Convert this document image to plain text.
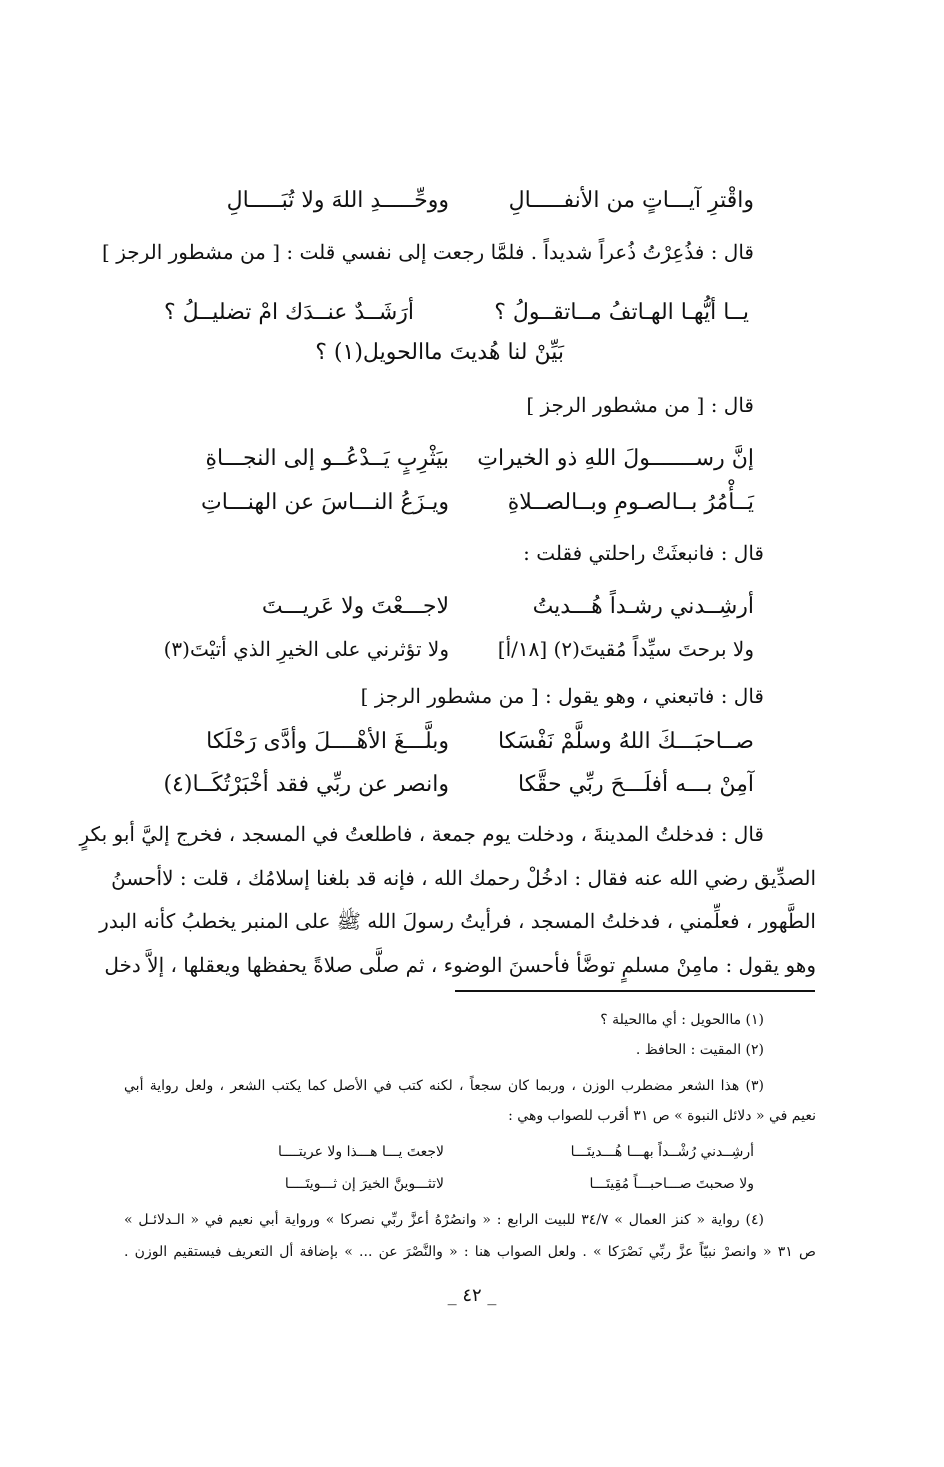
واقْترِ آيـــاتٍ من الأنفـــــالِ
ووحِّـــــدِ اللهَ ولا تُبَـــــالِ
قال : فذُعِرْتُ ذُعراً شديداً . فلمَّا رجعت إلى نفسي قلت : [ من مشطور الرجز ]
يــا أيُّهـا الهـاتفُ مــاتقــولُ ؟
أرَشَــدٌ عنــدَك امْ تضليــلُ ؟
بَيِّنْ لنا هُديتَ ماالحويل(١) ؟
قال : [ من مشطور الرجز ]
إنَّ رســـــــولَ اللهِ ذو الخيراتِ
بيَثْرِبٍ يَــدْعُــو إلى النجـــاةِ
يَــأْمُرُ بــالصـومِ وبــالصــلاةِ
ويـزَعُ النـــاسَ عن الهنـــاتِ
قال : فانبعثَتْ راحلتي فقلت :
أرشِــدني رشـداً هُـــديتُ
لاجـــعْتَ ولا عَريـــتَ
ولا برحتَ سيِّداً مُقيتَ(٢) [١٨/أ]
ولا تؤثرني على الخيرِ الذي أتيْتَ(٣)
قال : فاتبعني ، وهو يقول : [ من مشطور الرجز ]
صــاحبَـــكَ اللهُ وسلَّمْ نَفْسَكا
وبلَّـــغَ الأهْــــلَ وأدَّى رَحْلَكا
آمِنْ بـــه أفلَـــحَ ربِّي حقَّكا
وانصر عن ربِّي فقد أخْبَرْتُكَــا(٤)
قال : فدخلتُ المدينةَ ، ودخلت يوم جمعة ، فاطلعتُ في المسجد ، فخرج إليَّ أبو بكرٍ
الصدِّيق رضي الله عنه فقال : ادخُلْ رحمك الله ، فإنه قد بلغنا إسلامُك ، قلت : لاأحسنُ
الطَّهور ، فعلِّمني ، فدخلتُ المسجد ، فرأيتُ رسولَ الله ﷺ على المنبر يخطبُ كأنه البدر
وهو يقول : مامِنْ مسلمٍ توضَّأ فأحسنَ الوضوء ، ثم صلَّى صلاةً يحفظها ويعقلها ، إلاَّ دخل
(١) ماالحويل : أي ماالحيلة ؟
(٢) المقيت : الحافظ .
(٣) هذا الشعر مضطرب الوزن ، وربما كان سجعاً ، لكنه كتب في الأصل كما يكتب الشعر ، ولعل رواية أبي
نعيم في « دلائل النبوة » ص ٣١ أقرب للصواب وهي :
أرشِــدني رُشْــداً بهـــا هُـــديتَـــا
لاجعتَ يـــا هـــذا ولا عريتــــا
ولا صحبتَ صـــاحبـــاً مُقِيتَـــا
لاتثـــوينَّ الخيرَ إن ثـــويتَــــا
(٤) رواية « كنز العمال » ٣٤/٧ للبيت الرابع : « وانصُرْهُ أعزَّ ربِّي نصركا » ورواية أبي نعيم في « الـدلائـل »
ص ٣١ « وانصرْ نبيّاً عزَّ ربِّي نَصْرَكا » . ولعل الصواب هنا : « والنَّصْرَ عن ... » بإضافة أل التعريف فيستقيم الوزن .
_ ٤٢ _
